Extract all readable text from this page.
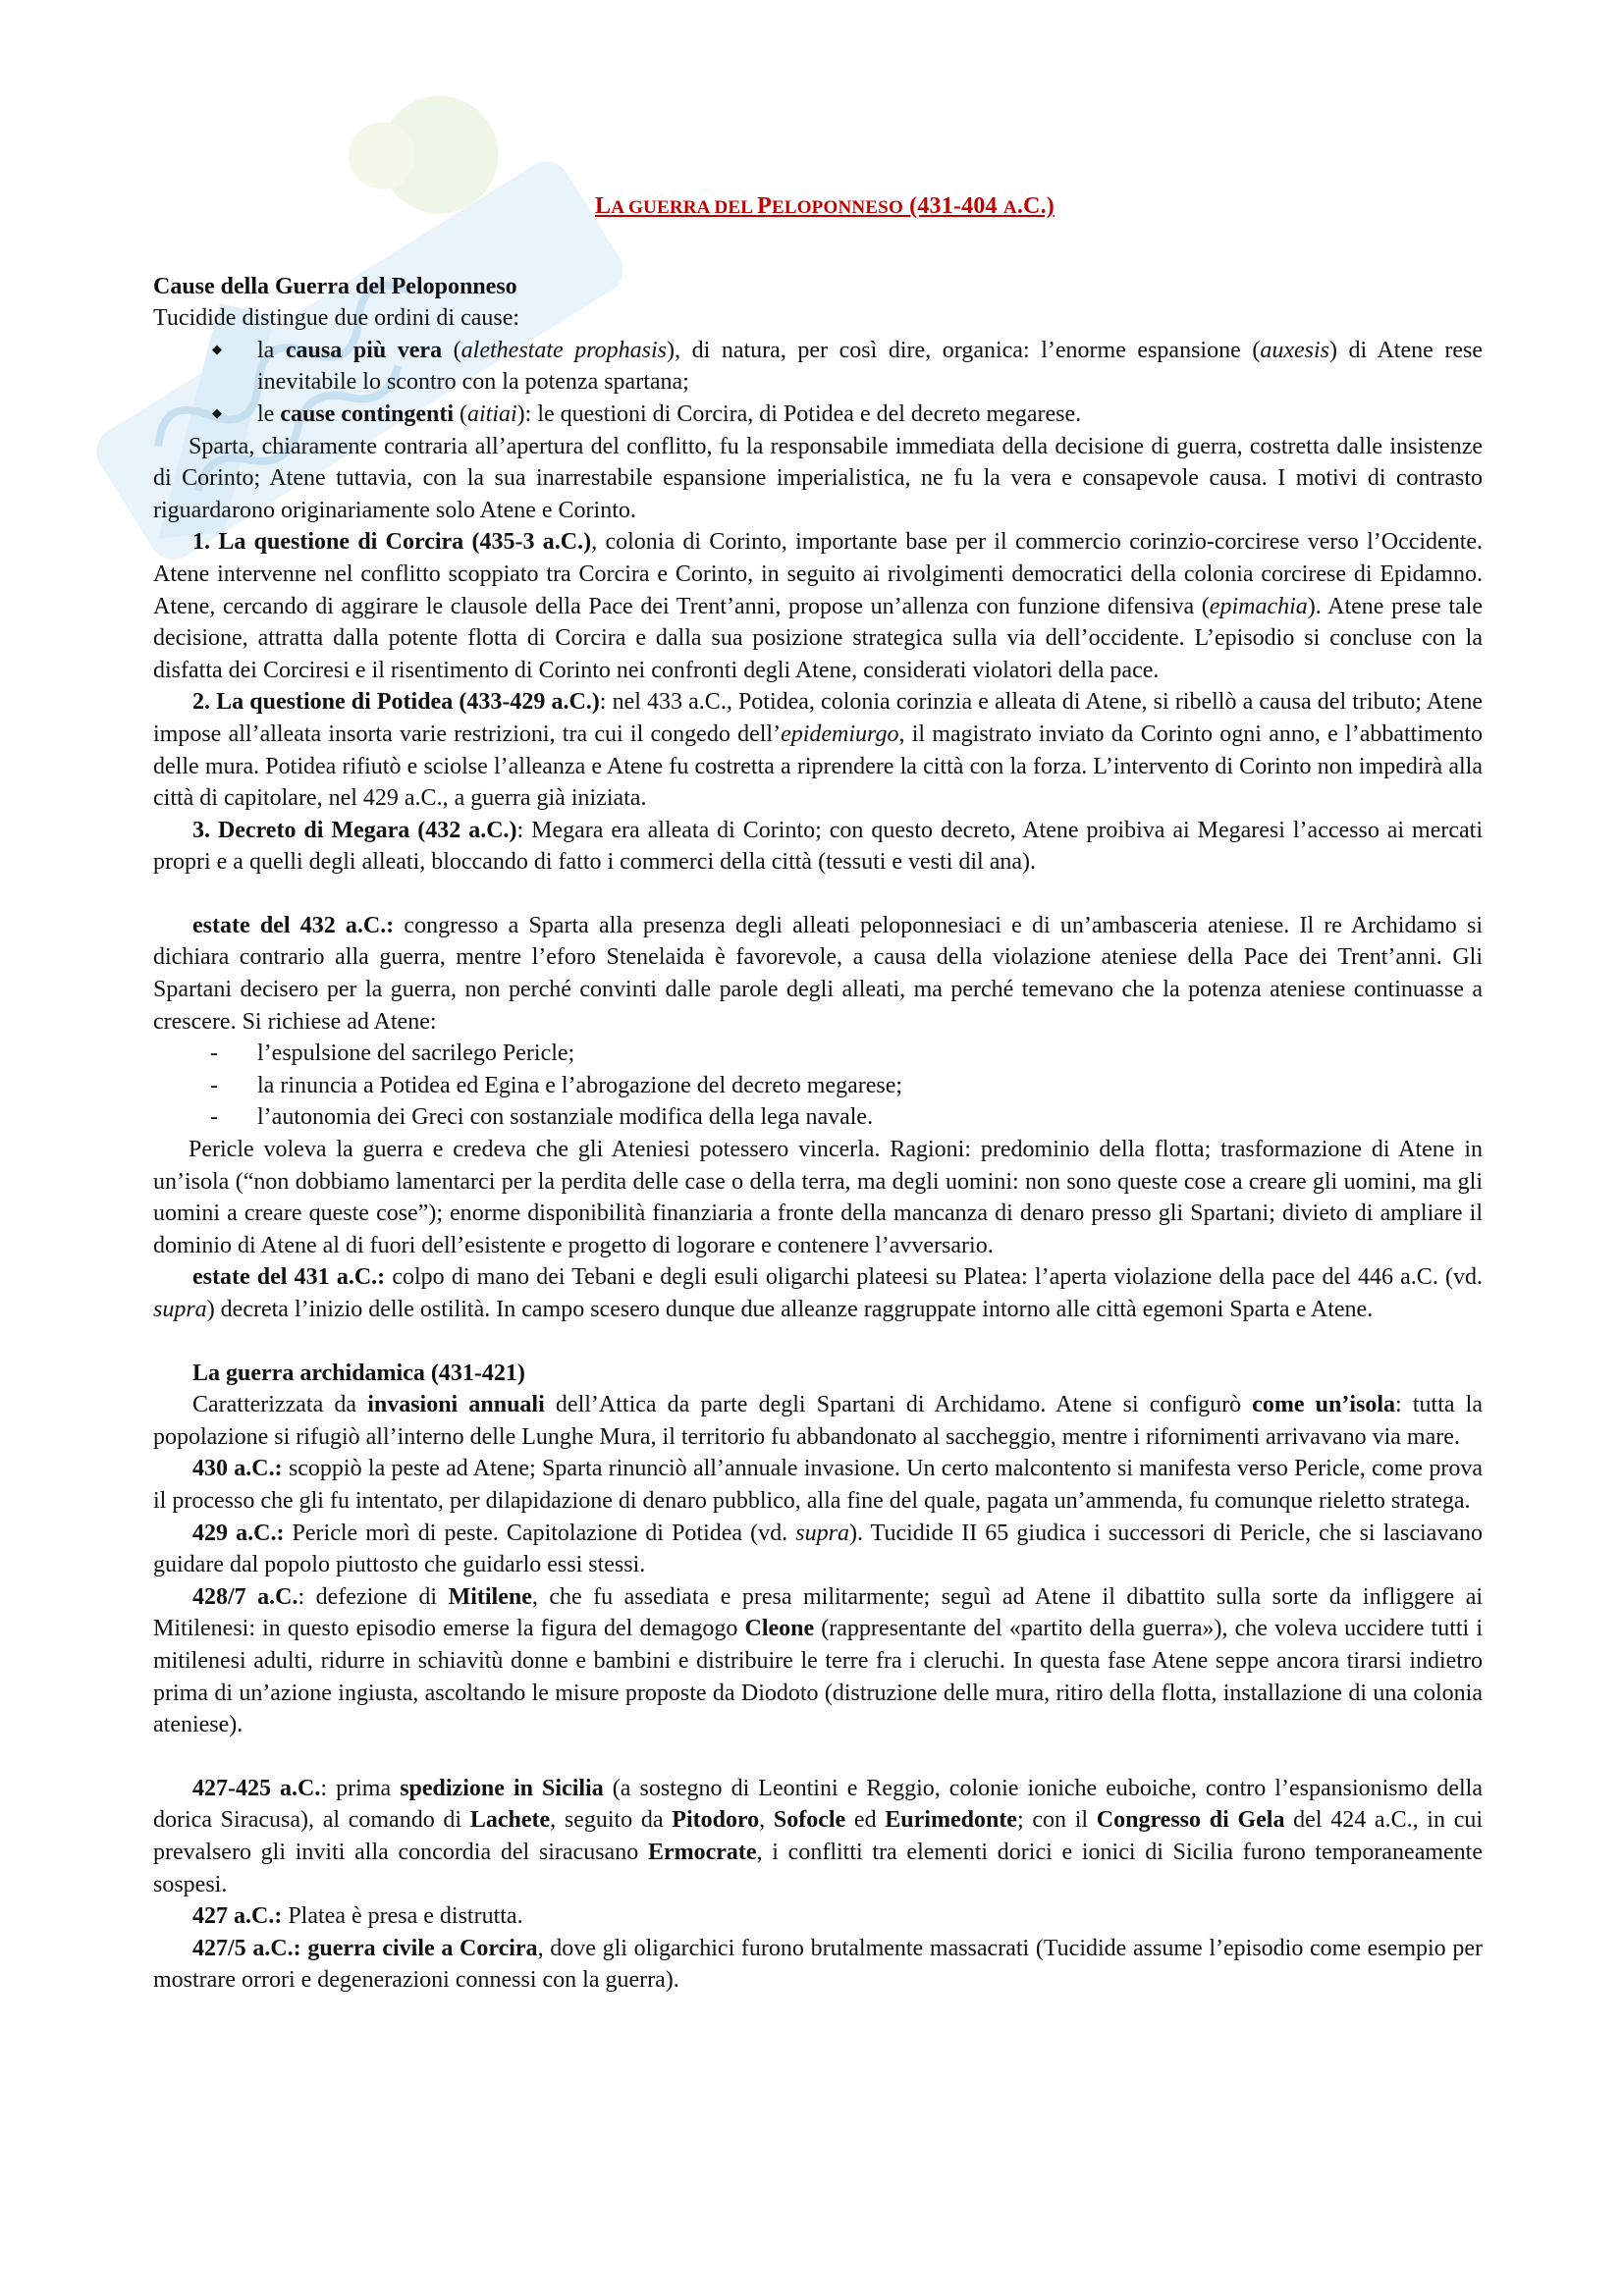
LA GUERRA DEL PELOPONNESO (431-404 A.C.)

Cause della Guerra del Peloponneso

Tucidide distingue due ordini di cause:

◆ la causa più vera (alethestate prophasis), di natura, per così dire, organica: l’enorme espansione (auxesis) di Atene rese inevitabile lo scontro con la potenza spartana;
◆ le cause contingenti (aitiai): le questioni di Corcira, di Potidea e del decreto megarese.

Sparta, chiaramente contraria all’apertura del conflitto, fu la responsabile immediata della decisione di guerra, costretta dalle insistenze di Corinto; Atene tuttavia, con la sua inarrestabile espansione imperialistica, ne fu la vera e consapevole causa. I motivi di contrasto riguardarono originariamente solo Atene e Corinto.

1. La questione di Corcira (435-3 a.C.), colonia di Corinto, importante base per il commercio corinzio-corcirese verso l’Occidente. Atene intervenne nel conflitto scoppiato tra Corcira e Corinto, in seguito ai rivolgimenti democratici della colonia corcirese di Epidamno. Atene, cercando di aggirare le clausole della Pace dei Trent’anni, propose un’allenza con funzione difensiva (epimachia). Atene prese tale decisione, attratta dalla potente flotta di Corcira e dalla sua posizione strategica sulla via dell’occidente. L’episodio si concluse con la disfatta dei Corciresi e il risentimento di Corinto nei confronti degli Atene, considerati violatori della pace.

2. La questione di Potidea (433-429 a.C.): nel 433 a.C., Potidea, colonia corinzia e alleata di Atene, si ribellò a causa del tributo; Atene impose all’alleata insorta varie restrizioni, tra cui il congedo dell’epidemiurgo, il magistrato inviato da Corinto ogni anno, e l’abbattimento delle mura. Potidea rifiutò e sciolse l’alleanza e Atene fu costretta a riprendere la città con la forza. L’intervento di Corinto non impedirà alla città di capitolare, nel 429 a.C., a guerra già iniziata.

3. Decreto di Megara (432 a.C.): Megara era alleata di Corinto; con questo decreto, Atene proibiva ai Megaresi l’accesso ai mercati propri e a quelli degli alleati, bloccando di fatto i commerci della città (tessuti e vesti dil ana).

estate del 432 a.C.: congresso a Sparta alla presenza degli alleati peloponnesiaci e di un’ambasceria ateniese. Il re Archidamo si dichiara contrario alla guerra, mentre l’eforo Stenelaida è favorevole, a causa della violazione ateniese della Pace dei Trent’anni. Gli Spartani decisero per la guerra, non perché convinti dalle parole degli alleati, ma perché temevano che la potenza ateniese continuasse a crescere. Si richiese ad Atene:

- l’espulsione del sacrilego Pericle;
- la rinuncia a Potidea ed Egina e l’abrogazione del decreto megarese;
- l’autonomia dei Greci con sostanziale modifica della lega navale.

Pericle voleva la guerra e credeva che gli Ateniesi potessero vincerla. Ragioni: predominio della flotta; trasformazione di Atene in un’isola (“non dobbiamo lamentarci per la perdita delle case o della terra, ma degli uomini: non sono queste cose a creare gli uomini, ma gli uomini a creare queste cose”); enorme disponibilità finanziaria a fronte della mancanza di denaro presso gli Spartani; divieto di ampliare il dominio di Atene al di fuori dell’esistente e progetto di logorare e contenere l’avversario.

estate del 431 a.C.: colpo di mano dei Tebani e degli esuli oligarchi plateesi su Platea: l’aperta violazione della pace del 446 a.C. (vd. supra) decreta l’inizio delle ostilità. In campo scesero dunque due alleanze raggruppate intorno alle città egemoni Sparta e Atene.

La guerra archidamica (431-421)

Caratterizzata da invasioni annuali dell’Attica da parte degli Spartani di Archidamo. Atene si configurò come un’isola: tutta la popolazione si rifugiò all’interno delle Lunghe Mura, il territorio fu abbandonato al saccheggio, mentre i rifornimenti arrivavano via mare.

430 a.C.: scoppiò la peste ad Atene; Sparta rinunciò all’annuale invasione. Un certo malcontento si manifesta verso Pericle, come prova il processo che gli fu intentato, per dilapidazione di denaro pubblico, alla fine del quale, pagata un’ammenda, fu comunque rieletto stratega.

429 a.C.: Pericle morì di peste. Capitolazione di Potidea (vd. supra). Tucidide II 65 giudica i successori di Pericle, che si lasciavano guidare dal popolo piuttosto che guidarlo essi stessi.

428/7 a.C.: defezione di Mitilene, che fu assediata e presa militarmente; seguì ad Atene il dibattito sulla sorte da infliggere ai Mitilenesi: in questo episodio emerse la figura del demagogo Cleone (rappresentante del «partito della guerra»), che voleva uccidere tutti i mitilenesi adulti, ridurre in schiavitù donne e bambini e distribuire le terre fra i cleruchi. In questa fase Atene seppe ancora tirarsi indietro prima di un’azione ingiusta, ascoltando le misure proposte da Diodoto (distruzione delle mura, ritiro della flotta, installazione di una colonia ateniese).

427-425 a.C.: prima spedizione in Sicilia (a sostegno di Leontini e Reggio, colonie ioniche euboiche, contro l’espansionismo della dorica Siracusa), al comando di Lachete, seguito da Pitodoro, Sofocle ed Eurimedonte; con il Congresso di Gela del 424 a.C., in cui prevalsero gli inviti alla concordia del siracusano Ermocrate, i conflitti tra elementi dorici e ionici di Sicilia furono temporaneamente sospesi.

427 a.C.: Platea è presa e distrutta.

427/5 a.C.: guerra civile a Corcira, dove gli oligarchici furono brutalmente massacrati (Tucidide assume l’episodio come esempio per mostrare orrori e degenerazioni connessi con la guerra).
